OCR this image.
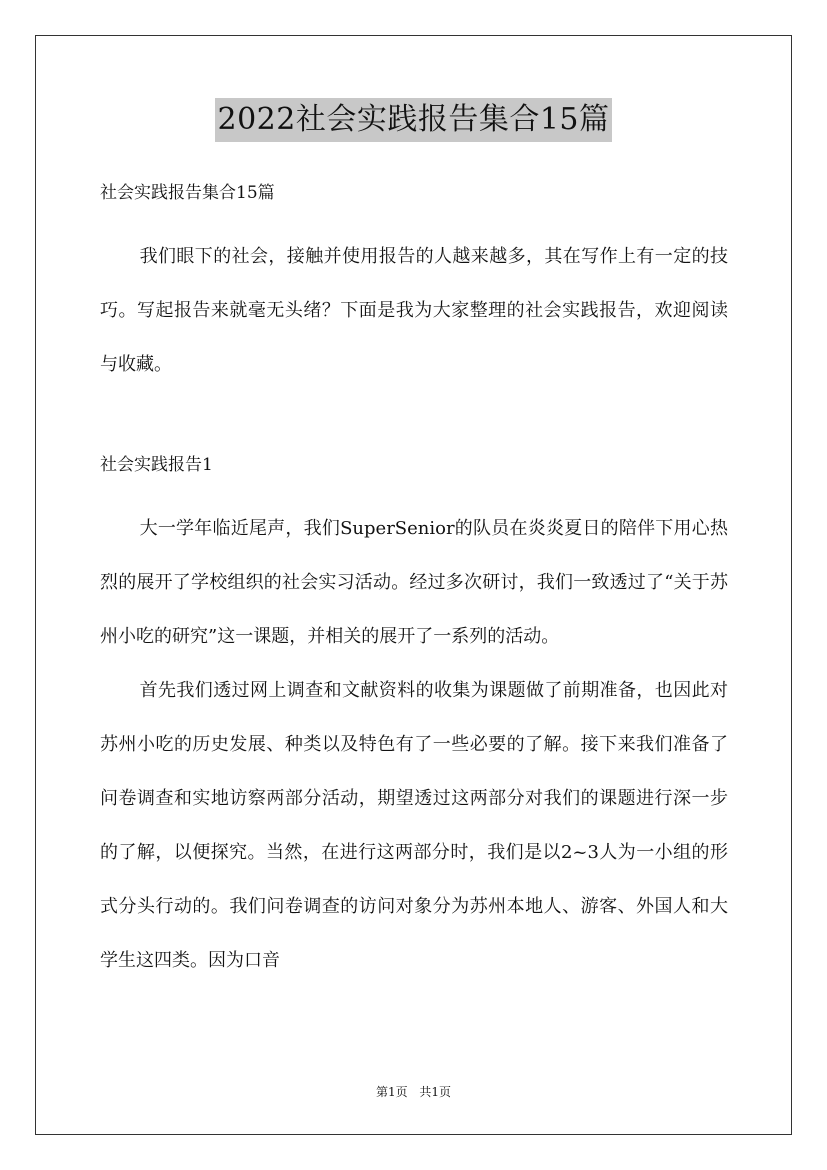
2022社会实践报告集合15篇
社会实践报告集合15篇

我们眼下的社会，接触并使用报告的人越来越多，其在写作上有一定的技巧。写起报告来就毫无头绪？下面是我为大家整理的社会实践报告，欢迎阅读与收藏。

社会实践报告1

大一学年临近尾声，我们SuperSenior的队员在炎炎夏日的陪伴下用心热烈的展开了学校组织的社会实习活动。经过多次研讨，我们一致透过了“关于苏州小吃的研究”这一课题，并相关的展开了一系列的活动。

首先我们透过网上调查和文献资料的收集为课题做了前期准备，也因此对苏州小吃的历史发展、种类以及特色有了一些必要的了解。接下来我们准备了问卷调查和实地访察两部分活动，期望透过这两部分对我们的课题进行深一步的了解，以便探究。当然，在进行这两部分时，我们是以2~3人为一小组的形式分头行动的。我们问卷调查的访问对象分为苏州本地人、游客、外国人和大学生这四类。因为口音

第1页 共1页
